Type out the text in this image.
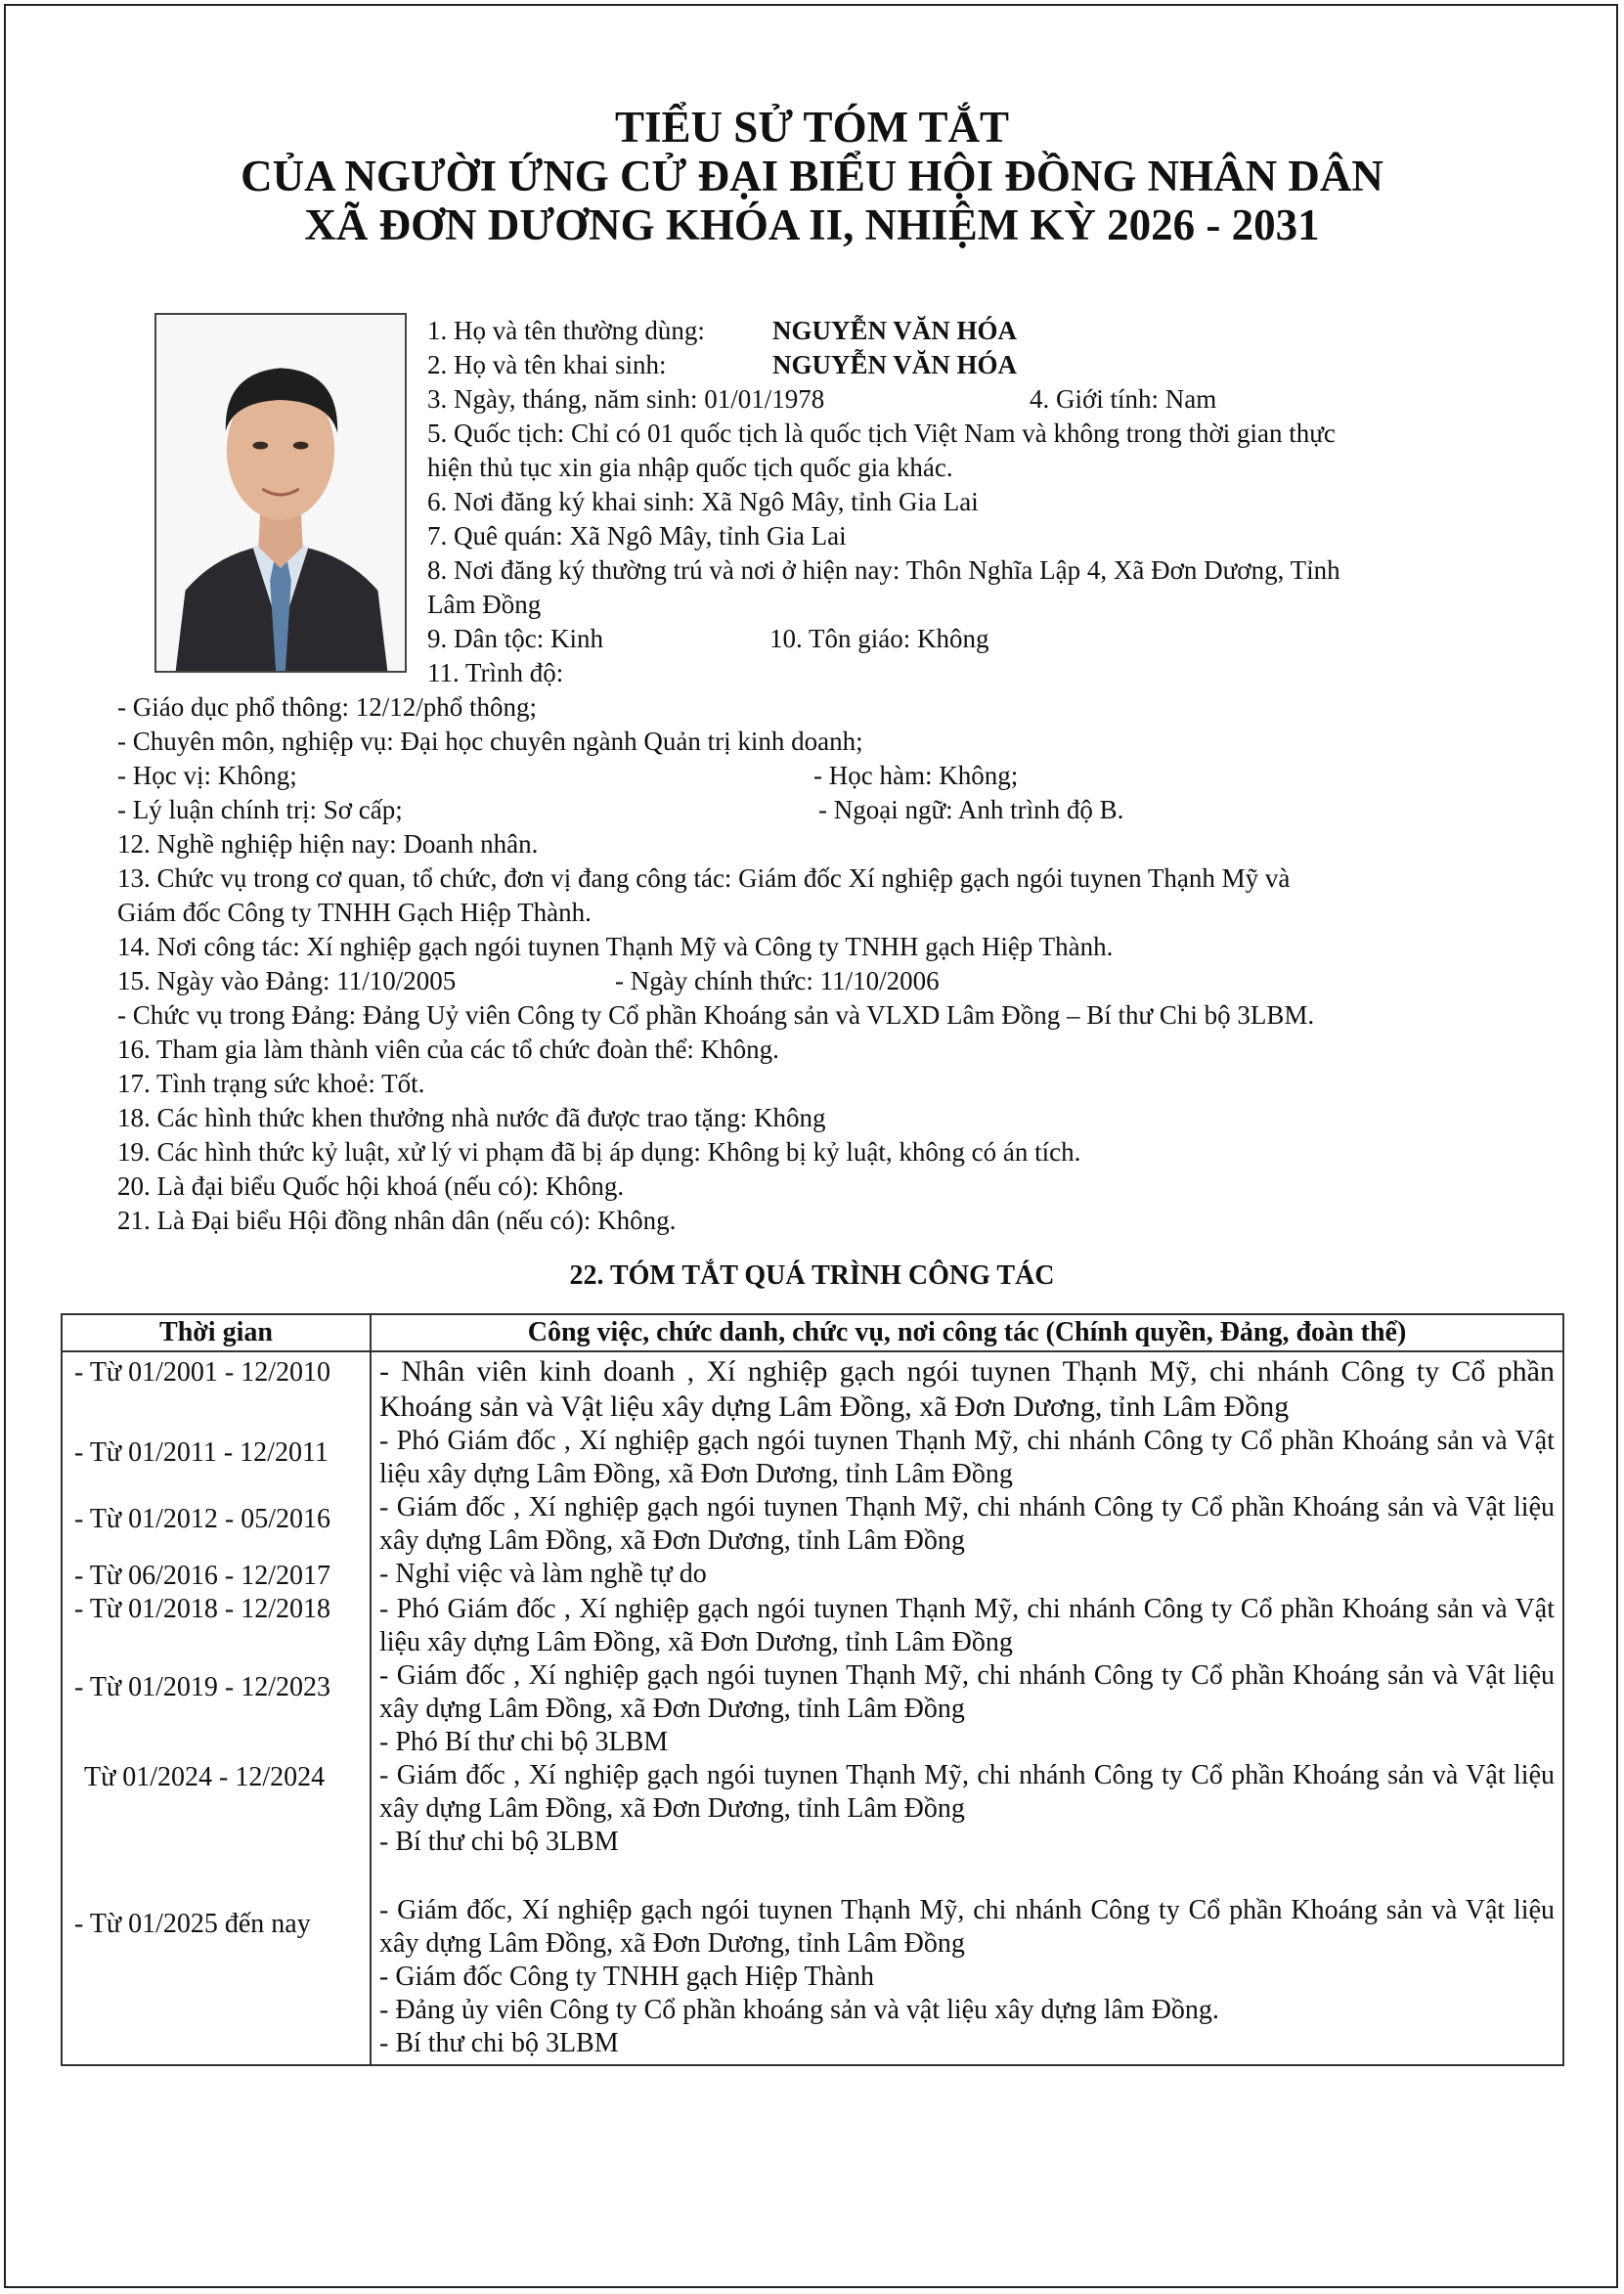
TIỂU SỬ TÓM TẮT
CỦA NGƯỜI ỨNG CỬ ĐẠI BIỂU HỘI ĐỒNG NHÂN DÂN
XÃ ĐƠN DƯƠNG KHÓA II, NHIỆM KỲ 2026 - 2031
1. Họ và tên thường dùng:	NGUYỄN VĂN HÓA
2. Họ và tên khai sinh:	NGUYỄN VĂN HÓA
3. Ngày, tháng, năm sinh: 01/01/1978	4. Giới tính: Nam
5. Quốc tịch: Chỉ có 01 quốc tịch là quốc tịch Việt Nam và không trong thời gian thực
hiện thủ tục xin gia nhập quốc tịch quốc gia khác.
6. Nơi đăng ký khai sinh: Xã Ngô Mây, tỉnh Gia Lai
7. Quê quán: Xã Ngô Mây, tỉnh Gia Lai
8. Nơi đăng ký thường trú và nơi ở hiện nay: Thôn Nghĩa Lập 4, Xã Đơn Dương, Tỉnh
Lâm Đồng
9. Dân tộc: Kinh	10. Tôn giáo: Không
11. Trình độ:
- Giáo dục phổ thông: 12/12/phổ thông;
- Chuyên môn, nghiệp vụ: Đại học chuyên ngành Quản trị kinh doanh;
- Học vị: Không;	- Học hàm: Không;
- Lý luận chính trị: Sơ cấp;	- Ngoại ngữ: Anh trình độ B.
12. Nghề nghiệp hiện nay: Doanh nhân.
13. Chức vụ trong cơ quan, tổ chức, đơn vị đang công tác: Giám đốc Xí nghiệp gạch ngói tuynen Thạnh Mỹ và
Giám đốc Công ty TNHH Gạch Hiệp Thành.
14. Nơi công tác: Xí nghiệp gạch ngói tuynen Thạnh Mỹ và Công ty TNHH gạch Hiệp Thành.
15. Ngày vào Đảng: 11/10/2005	- Ngày chính thức: 11/10/2006
- Chức vụ trong Đảng: Đảng Uỷ viên Công ty Cổ phần Khoáng sản và VLXD Lâm Đồng – Bí thư Chi bộ 3LBM.
16. Tham gia làm thành viên của các tổ chức đoàn thể: Không.
17. Tình trạng sức khoẻ: Tốt.
18. Các hình thức khen thưởng nhà nước đã được trao tặng: Không
19. Các hình thức kỷ luật, xử lý vi phạm đã bị áp dụng: Không bị kỷ luật, không có án tích.
20. Là đại biểu Quốc hội khoá (nếu có): Không.
21. Là Đại biểu Hội đồng nhân dân (nếu có): Không.
22. TÓM TẮT QUÁ TRÌNH CÔNG TÁC
Thời gian	Công việc, chức danh, chức vụ, nơi công tác (Chính quyền, Đảng, đoàn thể)
- Từ 01/2001 - 12/2010	- Nhân viên kinh doanh , Xí nghiệp gạch ngói tuynen Thạnh Mỹ, chi nhánh Công ty Cổ phần Khoáng sản và Vật liệu xây dựng Lâm Đồng, xã Đơn Dương, tỉnh Lâm Đồng

- Từ 01/2011 - 12/2011	- Phó Giám đốc , Xí nghiệp gạch ngói tuynen Thạnh Mỹ, chi nhánh Công ty Cổ phần Khoáng sản và Vật liệu xây dựng Lâm Đồng, xã Đơn Dương, tỉnh Lâm Đồng

- Từ 01/2012 - 05/2016	- Giám đốc , Xí nghiệp gạch ngói tuynen Thạnh Mỹ, chi nhánh Công ty Cổ phần Khoáng sản và Vật liệu xây dựng Lâm Đồng, xã Đơn Dương, tỉnh Lâm Đồng

- Từ 06/2016 - 12/2017	- Nghỉ việc và làm nghề tự do

- Từ 01/2018 - 12/2018	- Phó Giám đốc , Xí nghiệp gạch ngói tuynen Thạnh Mỹ, chi nhánh Công ty Cổ phần Khoáng sản và Vật liệu xây dựng Lâm Đồng, xã Đơn Dương, tỉnh Lâm Đồng

- Từ 01/2019 - 12/2023	- Giám đốc , Xí nghiệp gạch ngói tuynen Thạnh Mỹ, chi nhánh Công ty Cổ phần Khoáng sản và Vật liệu xây dựng Lâm Đồng, xã Đơn Dương, tỉnh Lâm Đồng
- Phó Bí thư chi bộ 3LBM

Từ 01/2024 - 12/2024	- Giám đốc , Xí nghiệp gạch ngói tuynen Thạnh Mỹ, chi nhánh Công ty Cổ phần Khoáng sản và Vật liệu xây dựng Lâm Đồng, xã Đơn Dương, tỉnh Lâm Đồng
- Bí thư chi bộ 3LBM

- Từ 01/2025 đến nay	- Giám đốc, Xí nghiệp gạch ngói tuynen Thạnh Mỹ, chi nhánh Công ty Cổ phần Khoáng sản và Vật liệu xây dựng Lâm Đồng, xã Đơn Dương, tỉnh Lâm Đồng
- Giám đốc Công ty TNHH gạch Hiệp Thành
- Đảng ủy viên Công ty Cổ phần khoáng sản và vật liệu xây dựng lâm Đồng.
- Bí thư chi bộ 3LBM
